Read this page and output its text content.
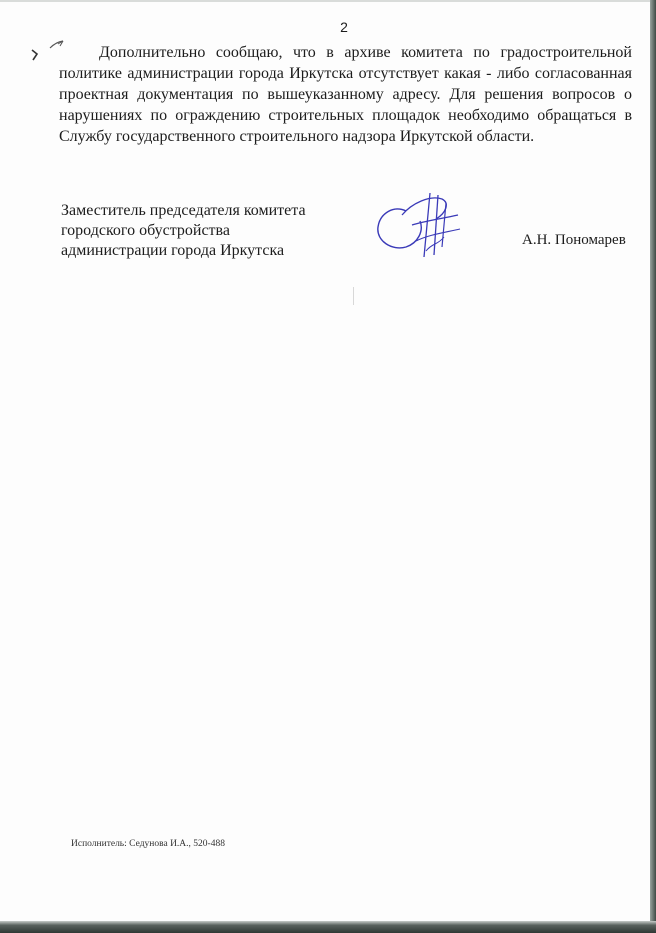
2

Дополнительно сообщаю, что в архиве комитета по градостроительной политике администрации города Иркутска отсутствует какая - либо согласованная проектная документация по вышеуказанному адресу. Для решения вопросов о нарушениях по ограждению строительных площадок необходимо обращаться в Службу государственного строительного надзора Иркутской области.

Заместитель председателя комитета
городского обустройства
администрации города Иркутска
А.Н. Пономарев
Исполнитель: Седунова И.А., 520-488
